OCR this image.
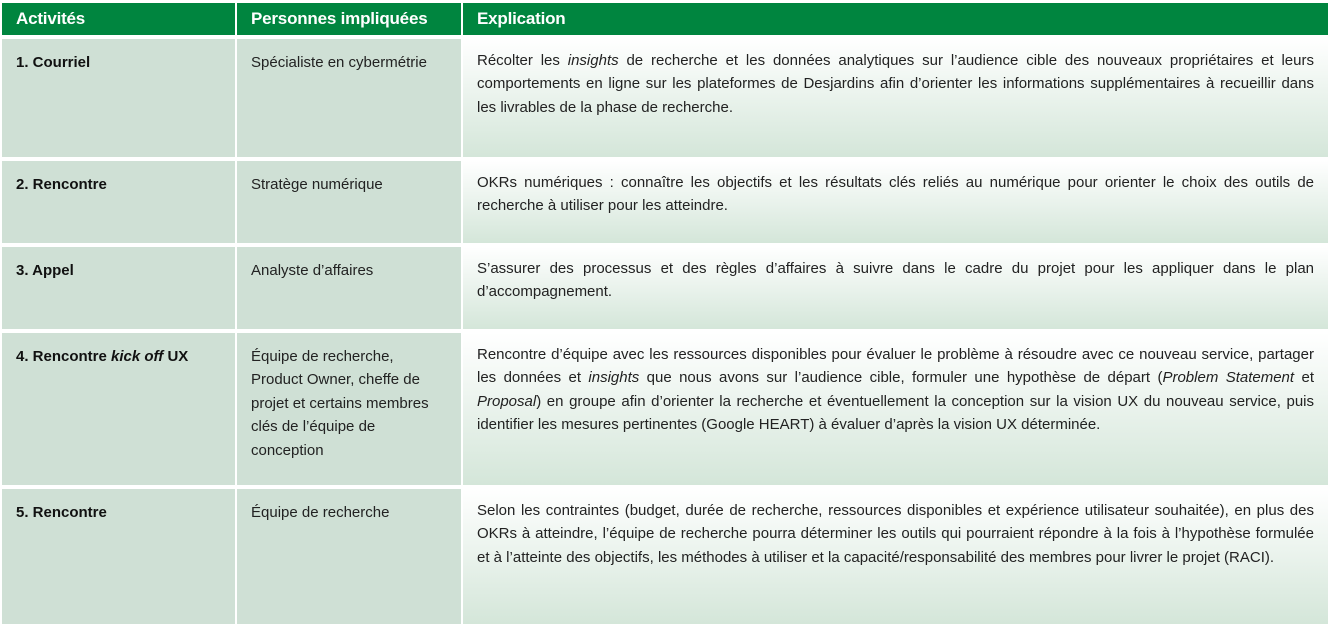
Activités	Personnes impliquées	Explication
1. Courriel	Spécialiste en cybermétrie	Récolter les insights de recherche et les données analytiques sur l’audience cible des nouveaux propriétaires et leurs comportements en ligne sur les plateformes de Desjardins afin d’orienter les informations supplémentaires à recueillir dans les livrables de la phase de recherche.
2. Rencontre	Stratège numérique	OKRs numériques : connaître les objectifs et les résultats clés reliés au numérique pour orienter le choix des outils de recherche à utiliser pour les atteindre.
3. Appel	Analyste d’affaires	S’assurer des processus et des règles d’affaires à suivre dans le cadre du projet pour les appliquer dans le plan d’accompagnement.
4. Rencontre kick off UX	Équipe de recherche, Product Owner, cheffe de projet et certains membres clés de l’équipe de conception	Rencontre d’équipe avec les ressources disponibles pour évaluer le problème à résoudre avec ce nouveau service, partager les données et insights que nous avons sur l’audience cible, formuler une hypothèse de départ (Problem Statement et Proposal) en groupe afin d’orienter la recherche et éventuellement la conception sur la vision UX du nouveau service, puis identifier les mesures pertinentes (Google HEART) à évaluer d’après la vision UX déterminée.
5. Rencontre	Équipe de recherche	Selon les contraintes (budget, durée de recherche, ressources disponibles et expérience utilisateur souhaitée), en plus des OKRs à atteindre, l’équipe de recherche pourra déterminer les outils qui pourraient répondre à la fois à l’hypothèse formulée et à l’atteinte des objectifs, les méthodes à utiliser et la capacité/responsabilité des membres pour livrer le projet (RACI).
